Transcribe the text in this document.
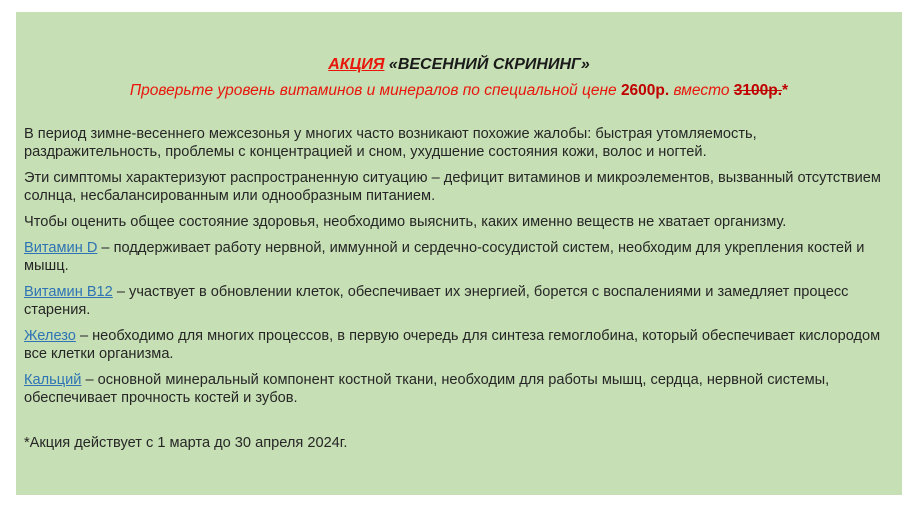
АКЦИЯ «ВЕСЕННИЙ СКРИНИНГ»
Проверьте уровень витаминов и минералов по специальной цене 2600р. вместо 3100р.*

В период зимне-весеннего межсезонья у многих часто возникают похожие жалобы: быстрая утомляемость, раздражительность, проблемы с концентрацией и сном, ухудшение состояния кожи, волос и ногтей.

Эти симптомы характеризуют распространенную ситуацию – дефицит витаминов и микроэлементов, вызванный отсутствием солнца, несбалансированным или однообразным питанием.

Чтобы оценить общее состояние здоровья, необходимо выяснить, каких именно веществ не хватает организму.

Витамин D – поддерживает работу нервной, иммунной и сердечно-сосудистой систем, необходим для укрепления костей и мышц.

Витамин B12 – участвует в обновлении клеток, обеспечивает их энергией, борется с воспалениями и замедляет процесс старения.

Железо – необходимо для многих процессов, в первую очередь для синтеза гемоглобина, который обеспечивает кислородом все клетки организма.

Кальций – основной минеральный компонент костной ткани, необходим для работы мышц, сердца, нервной системы, обеспечивает прочность костей и зубов.

*Акция действует с 1 марта до 30 апреля 2024г.
